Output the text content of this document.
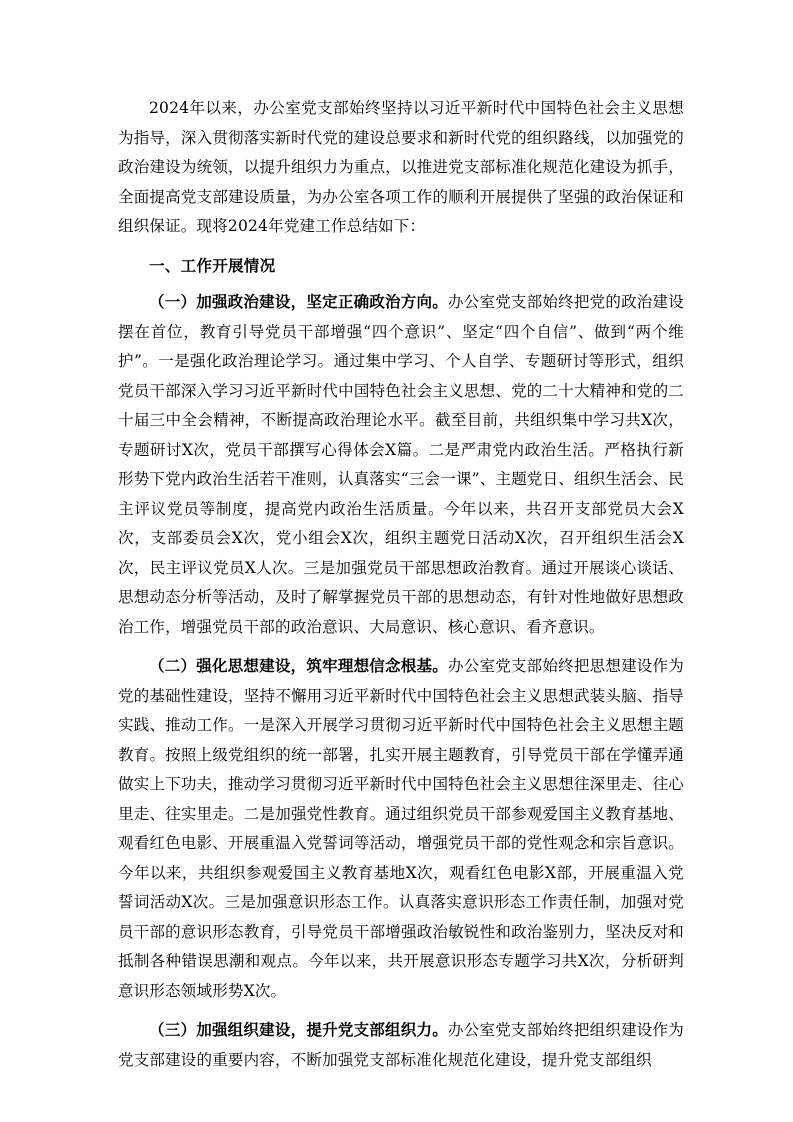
2024年以来，办公室党支部始终坚持以习近平新时代中国特色社会主义思想为指导，深入贯彻落实新时代党的建设总要求和新时代党的组织路线，以加强党的政治建设为统领，以提升组织力为重点，以推进党支部标准化规范化建设为抓手，全面提高党支部建设质量，为办公室各项工作的顺利开展提供了坚强的政治保证和组织保证。现将2024年党建工作总结如下：

一、工作开展情况

（一）加强政治建设，坚定正确政治方向。办公室党支部始终把党的政治建设摆在首位，教育引导党员干部增强“四个意识”、坚定“四个自信”、做到“两个维护”。一是强化政治理论学习。通过集中学习、个人自学、专题研讨等形式，组织党员干部深入学习习近平新时代中国特色社会主义思想、党的二十大精神和党的二十届三中全会精神，不断提高政治理论水平。截至目前，共组织集中学习共X次，专题研讨X次，党员干部撰写心得体会X篇。二是严肃党内政治生活。严格执行新形势下党内政治生活若干准则，认真落实“三会一课”、主题党日、组织生活会、民主评议党员等制度，提高党内政治生活质量。今年以来，共召开支部党员大会X次，支部委员会X次，党小组会X次，组织主题党日活动X次，召开组织生活会X次，民主评议党员X人次。三是加强党员干部思想政治教育。通过开展谈心谈话、思想动态分析等活动，及时了解掌握党员干部的思想动态，有针对性地做好思想政治工作，增强党员干部的政治意识、大局意识、核心意识、看齐意识。

（二）强化思想建设，筑牢理想信念根基。办公室党支部始终把思想建设作为党的基础性建设，坚持不懈用习近平新时代中国特色社会主义思想武装头脑、指导实践、推动工作。一是深入开展学习贯彻习近平新时代中国特色社会主义思想主题教育。按照上级党组织的统一部署，扎实开展主题教育，引导党员干部在学懂弄通做实上下功夫，推动学习贯彻习近平新时代中国特色社会主义思想往深里走、往心里走、往实里走。二是加强党性教育。通过组织党员干部参观爱国主义教育基地、观看红色电影、开展重温入党誓词等活动，增强党员干部的党性观念和宗旨意识。今年以来，共组织参观爱国主义教育基地X次，观看红色电影X部，开展重温入党誓词活动X次。三是加强意识形态工作。认真落实意识形态工作责任制，加强对党员干部的意识形态教育，引导党员干部增强政治敏锐性和政治鉴别力，坚决反对和抵制各种错误思潮和观点。今年以来，共开展意识形态专题学习共X次，分析研判意识形态领域形势X次。

（三）加强组织建设，提升党支部组织力。办公室党支部始终把组织建设作为党支部建设的重要内容，不断加强党支部标准化规范化建设，提升党支部组织
